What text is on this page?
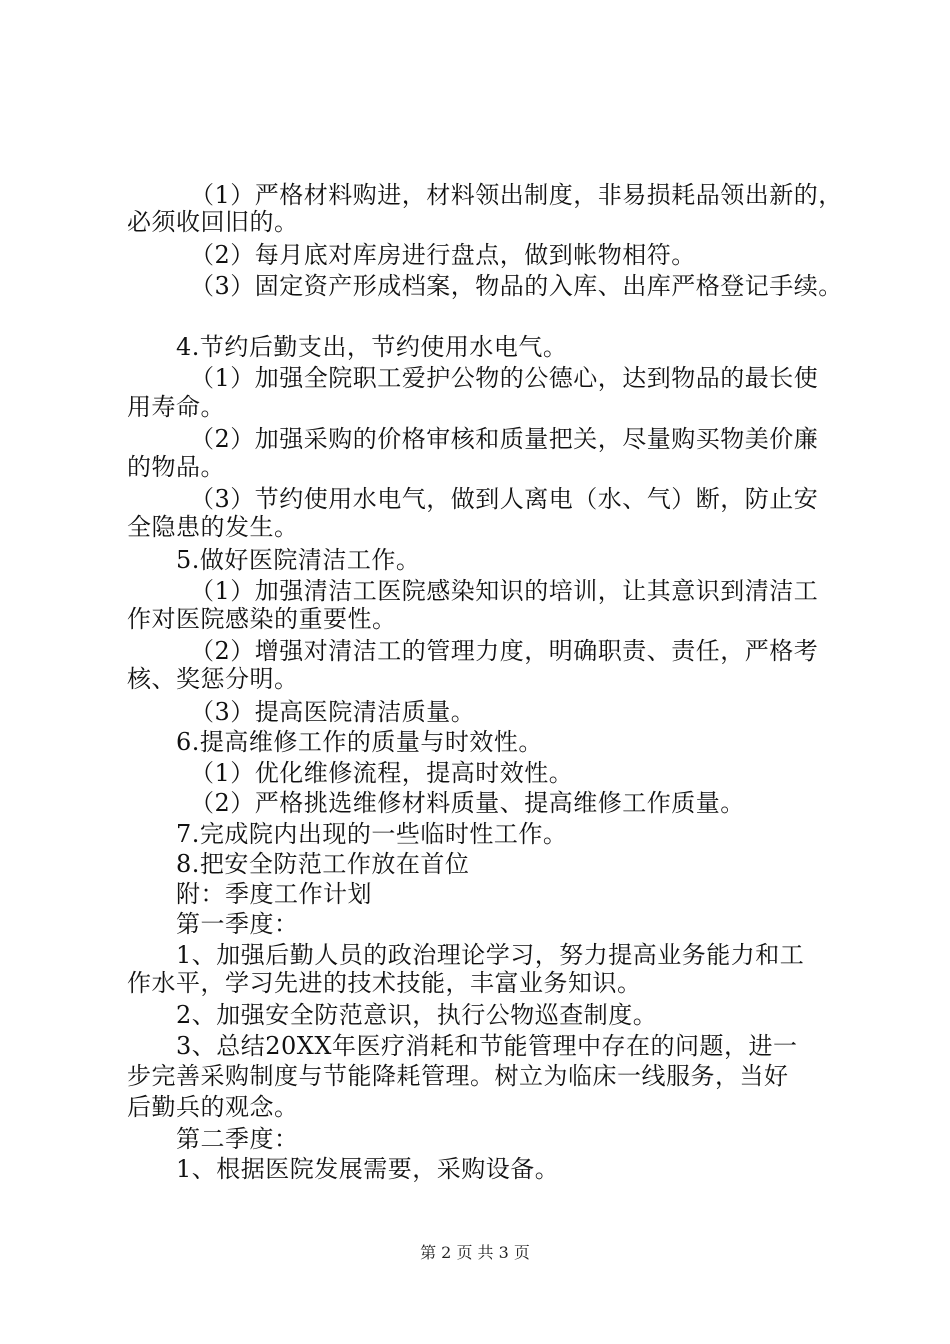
（1）严格材料购进，材料领出制度，非易损耗品领出新的，
必须收回旧的。
（2）每月底对库房进行盘点，做到帐物相符。
（3）固定资产形成档案，物品的入库、出库严格登记手续。
4.节约后勤支出，节约使用水电气。
（1）加强全院职工爱护公物的公德心，达到物品的最长使
用寿命。
（2）加强采购的价格审核和质量把关，尽量购买物美价廉
的物品。
（3）节约使用水电气，做到人离电（水、气）断，防止安
全隐患的发生。
5.做好医院清洁工作。
（1）加强清洁工医院感染知识的培训，让其意识到清洁工
作对医院感染的重要性。
（2）增强对清洁工的管理力度，明确职责、责任，严格考
核、奖惩分明。
（3）提高医院清洁质量。
6.提高维修工作的质量与时效性。
（1）优化维修流程，提高时效性。
（2）严格挑选维修材料质量、提高维修工作质量。
7.完成院内出现的一些临时性工作。
8.把安全防范工作放在首位
附：季度工作计划
第一季度：
1、加强后勤人员的政治理论学习，努力提高业务能力和工
作水平，学习先进的技术技能，丰富业务知识。
2、加强安全防范意识，执行公物巡查制度。
3、总结20XX年医疗消耗和节能管理中存在的问题，进一
步完善采购制度与节能降耗管理。树立为临床一线服务，当好
后勤兵的观念。
第二季度：
1、根据医院发展需要，采购设备。
第 2 页 共 3 页
